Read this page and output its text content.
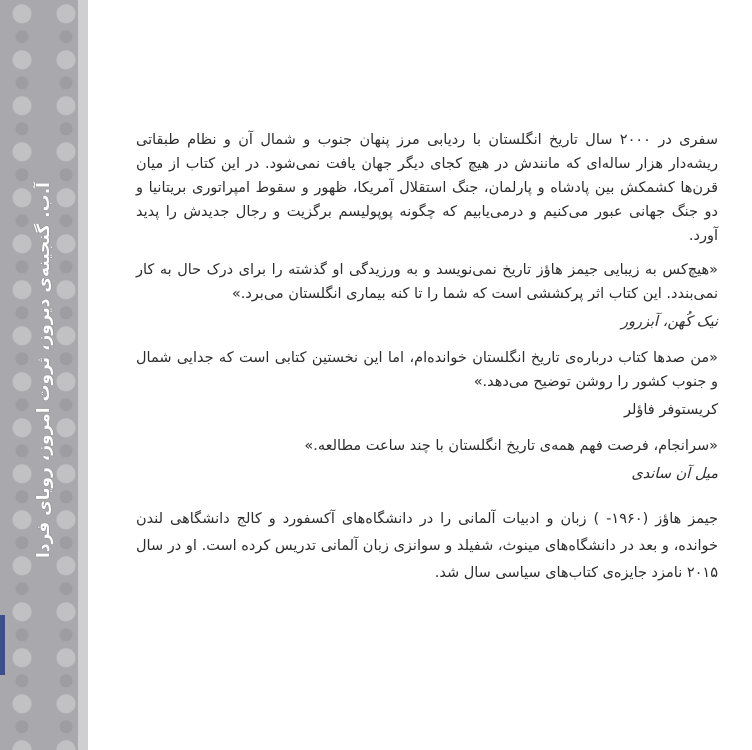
آ.ب. گنجینه‌ی دیروز، ثروت امروز، رویای فردا

سفری در ۲۰۰۰ سال تاریخ انگلستان با ردیابی مرز پنهان جنوب و شمال آن و نظام طبقاتی ریشه‌دار هزار ساله‌ای که مانندش در هیچ کجای دیگر جهان یافت نمی‌شود. در این کتاب از میان قرن‌ها کشمکش بین پادشاه و پارلمان، جنگ استقلال آمریکا، ظهور و سقوط امپراتوری بریتانیا و دو جنگ جهانی عبور می‌کنیم و درمی‌یابیم که چگونه پوپولیسم برگزیت و رجال جدیدش را پدید آورد.

«هیچ‌کس به زیبایی جیمز هاؤز تاریخ نمی‌نویسد و به ورزیدگی او گذشته را برای درک حال به کار نمی‌بندد. این کتاب اثر پرکششی است که شما را تا کنه بیماری انگلستان می‌برد.»

نیک کُهن، آبزرور

«من صدها کتاب درباره‌ی تاریخ انگلستان خوانده‌ام، اما این نخستین کتابی است که جدایی شمال و جنوب کشور را روشن توضیح می‌دهد.»

کریستوفر فاؤلر

«سرانجام، فرصت فهم همه‌ی تاریخ انگلستان با چند ساعت مطالعه.»

میل آن ساندی

جیمز هاؤز (۱۹۶۰- ) زبان و ادبیات آلمانی را در دانشگاه‌های آکسفورد و کالج دانشگاهی لندن خوانده، و بعد در دانشگاه‌های مینوث، شفیلد و سوانزی زبان آلمانی تدریس کرده است. او در سال ۲۰۱۵ نامزد جایزه‌ی کتاب‌های سیاسی سال شد.
